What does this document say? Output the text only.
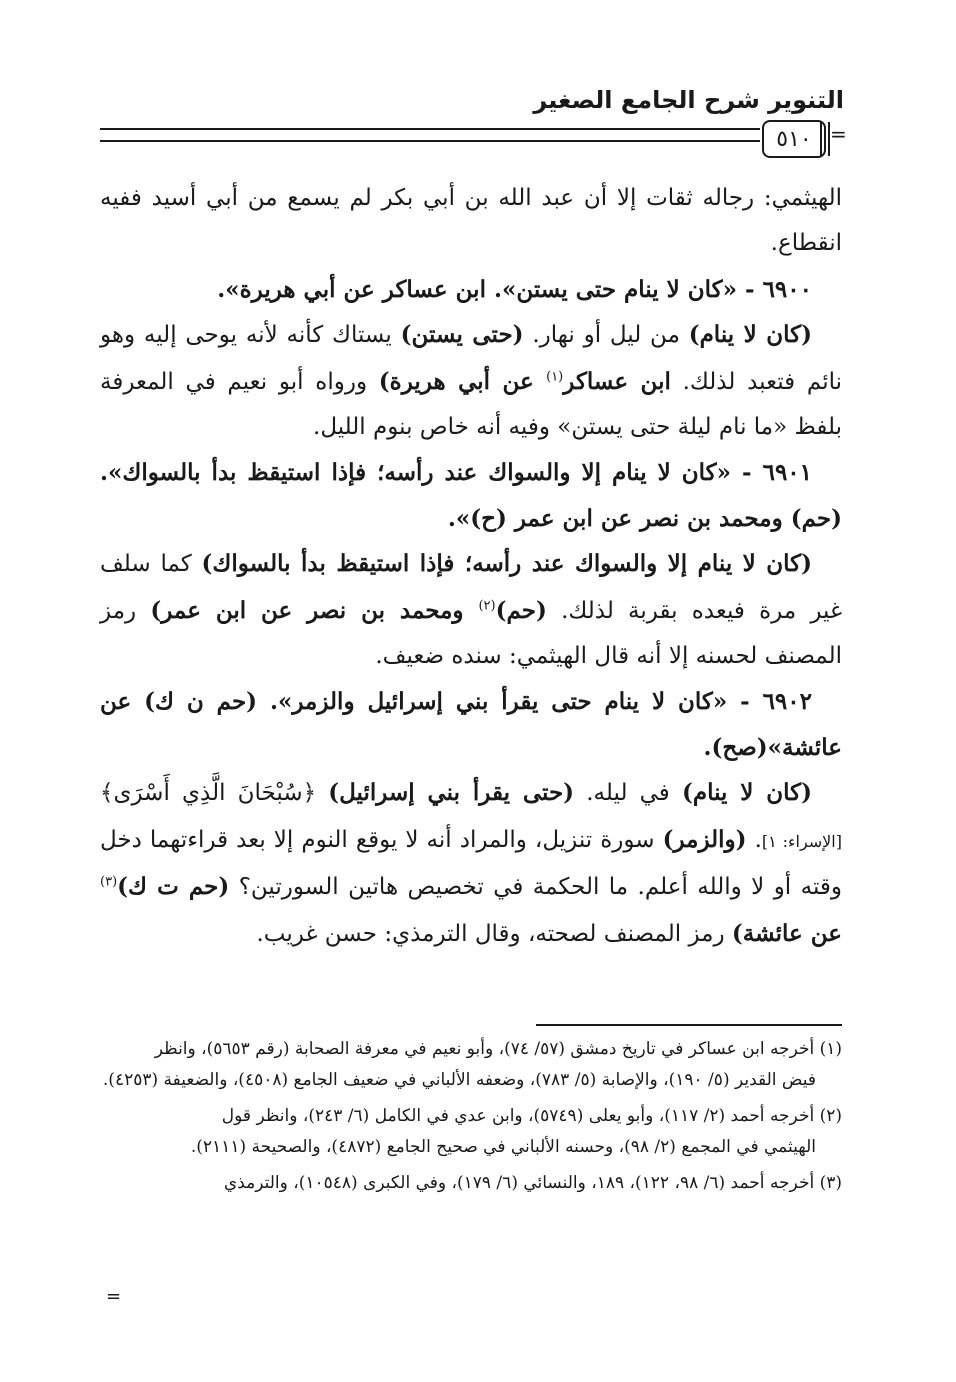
التنوير شرح الجامع الصغير
٥١٠ =

الهيثمي: رجاله ثقات إلا أن عبد الله بن أبي بكر لم يسمع من أبي أسيد ففيه انقطاع.

٦٩٠٠ - «كان لا ينام حتى يستن». ابن عساكر عن أبي هريرة».

(كان لا ينام) من ليل أو نهار. (حتى يستن) يستاك كأنه لأنه يوحى إليه وهو نائم فتعبد لذلك. ابن عساكر$^{(١)}$ عن أبي هريرة) ورواه أبو نعيم في المعرفة بلفظ «ما نام ليلة حتى يستن» وفيه أنه خاص بنوم الليل.

٦٩٠١ - «كان لا ينام إلا والسواك عند رأسه؛ فإذا استيقظ بدأ بالسواك». (حم) ومحمد بن نصر عن ابن عمر (ح)».

(كان لا ينام إلا والسواك عند رأسه؛ فإذا استيقظ بدأ بالسواك) كما سلف غير مرة فيعده بقربة لذلك. (حم)$^{(٢)}$ ومحمد بن نصر عن ابن عمر) رمز المصنف لحسنه إلا أنه قال الهيثمي: سنده ضعيف.

٦٩٠٢ - «كان لا ينام حتى يقرأ بني إسرائيل والزمر». (حم ن ك) عن عائشة»(صح).

(كان لا ينام) في ليله. (حتى يقرأ بني إسرائيل) ﴿سُبْحَانَ الَّذِي أَسْرَى﴾ [الإسراء: ١]. (والزمر) سورة تنزيل، والمراد أنه لا يوقع النوم إلا بعد قراءتهما دخل وقته أو لا والله أعلم. ما الحكمة في تخصيص هاتين السورتين؟ (حم ت ك)$^{(٣)}$ عن عائشة) رمز المصنف لصحته، وقال الترمذي: حسن غريب.

(١) أخرجه ابن عساكر في تاريخ دمشق (٥٧/ ٧٤)، وأبو نعيم في معرفة الصحابة (رقم ٥٦٥٣)، وانظر
فيض القدير (٥/ ١٩٠)، والإصابة (٥/ ٧٨٣)، وضعفه الألباني في ضعيف الجامع (٤٥٠٨)، والضعيفة (٤٢٥٣).

(٢) أخرجه أحمد (٢/ ١١٧)، وأبو يعلى (٥٧٤٩)، وابن عدي في الكامل (٦/ ٢٤٣)، وانظر قول
الهيثمي في المجمع (٢/ ٩٨)، وحسنه الألباني في صحيح الجامع (٤٨٧٢)، والصحيحة (٢١١١).

(٣) أخرجه أحمد (٦/ ٩٨، ١٢٢)، ١٨٩، والنسائي (٦/ ١٧٩)، وفي الكبرى (١٠٥٤٨)، والترمذي

=
